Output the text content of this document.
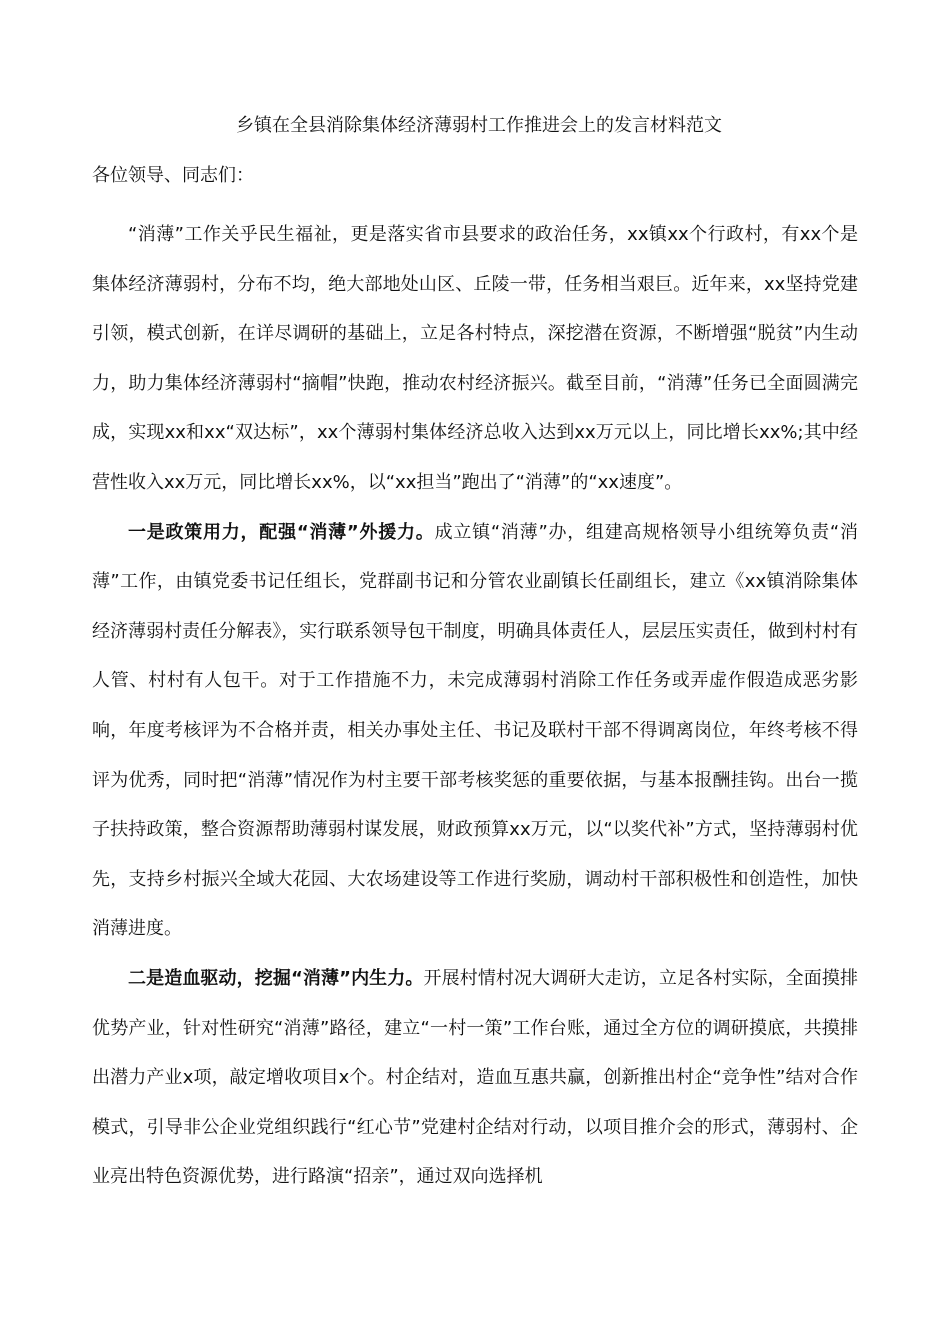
乡镇在全县消除集体经济薄弱村工作推进会上的发言材料范文
各位领导、同志们：

“消薄”工作关乎民生福祉，更是落实省市县要求的政治任务，xx镇xx个行政村，有xx个是集体经济薄弱村，分布不均，绝大部地处山区、丘陵一带，任务相当艰巨。近年来，xx坚持党建引领，模式创新，在详尽调研的基础上，立足各村特点，深挖潜在资源，不断增强“脱贫”内生动力，助力集体经济薄弱村“摘帽”快跑，推动农村经济振兴。截至目前，“消薄”任务已全面圆满完成，实现xx和xx“双达标”，xx个薄弱村集体经济总收入达到xx万元以上，同比增长xx%;其中经营性收入xx万元，同比增长xx%，以“xx担当”跑出了“消薄”的“xx速度”。

一是政策用力，配强“消薄”外援力。成立镇“消薄”办，组建高规格领导小组统筹负责“消薄”工作，由镇党委书记任组长，党群副书记和分管农业副镇长任副组长，建立《xx镇消除集体经济薄弱村责任分解表》，实行联系领导包干制度，明确具体责任人，层层压实责任，做到村村有人管、村村有人包干。对于工作措施不力，未完成薄弱村消除工作任务或弄虚作假造成恶劣影响，年度考核评为不合格并责，相关办事处主任、书记及联村干部不得调离岗位，年终考核不得评为优秀，同时把“消薄”情况作为村主要干部考核奖惩的重要依据，与基本报酬挂钩。出台一揽子扶持政策，整合资源帮助薄弱村谋发展，财政预算xx万元，以“以奖代补”方式，坚持薄弱村优先，支持乡村振兴全域大花园、大农场建设等工作进行奖励，调动村干部积极性和创造性，加快消薄进度。

二是造血驱动，挖掘“消薄”内生力。开展村情村况大调研大走访，立足各村实际，全面摸排优势产业，针对性研究“消薄”路径，建立“一村一策”工作台账，通过全方位的调研摸底，共摸排出潜力产业x项，敲定增收项目x个。村企结对，造血互惠共赢，创新推出村企“竞争性”结对合作模式，引导非公企业党组织践行“红心节”党建村企结对行动，以项目推介会的形式，薄弱村、企业亮出特色资源优势，进行路演“招亲”，通过双向选择机
